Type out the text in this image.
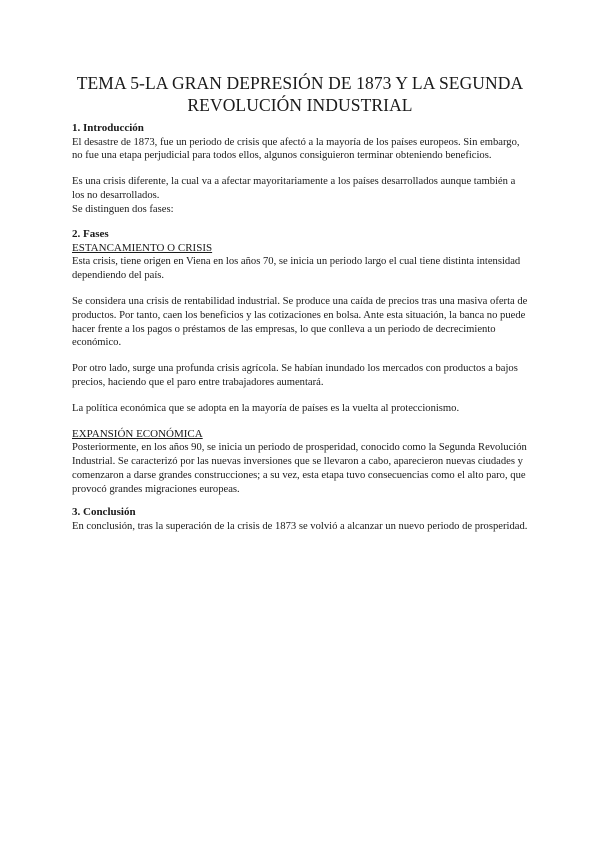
TEMA 5-LA GRAN DEPRESIÓN DE 1873 Y LA SEGUNDA
REVOLUCIÓN INDUSTRIAL
1. Introducción

El desastre de 1873, fue un periodo de crisis que afectó a la mayoría de los países europeos. Sin embargo, no fue una etapa perjudicial para todos ellos, algunos consiguieron terminar obteniendo beneficios.

Es una crisis diferente, la cual va a afectar mayoritariamente a los países desarrollados aunque también a los no desarrollados.

Se distinguen dos fases:

2. Fases
ESTANCAMIENTO O CRISIS

Esta crisis, tiene origen en Viena en los años 70, se inicia un periodo largo el cual tiene distinta intensidad dependiendo del país.

Se considera una crisis de rentabilidad industrial. Se produce una caída de precios tras una masiva oferta de productos. Por tanto, caen los beneficios y las cotizaciones en bolsa. Ante esta situación, la banca no puede hacer frente a los pagos o préstamos de las empresas, lo que conlleva a un periodo de decrecimiento económico.

Por otro lado, surge una profunda crisis agrícola. Se habían inundado los mercados con productos a bajos precios, haciendo que el paro entre trabajadores aumentará.

La política económica que se adopta en la mayoría de países es la vuelta al proteccionismo.

EXPANSIÓN ECONÓMICA

Posteriormente, en los años 90, se inicia un periodo de prosperidad, conocido como la Segunda Revolución Industrial. Se caracterizó por las nuevas inversiones que se llevaron a cabo, aparecieron nuevas ciudades y comenzaron a darse grandes construcciones; a su vez, esta etapa tuvo consecuencias como el alto paro, que provocó grandes migraciones europeas.

3. Conclusión

En conclusión, tras la superación de la crisis de 1873 se volvió a alcanzar un nuevo periodo de prosperidad.
